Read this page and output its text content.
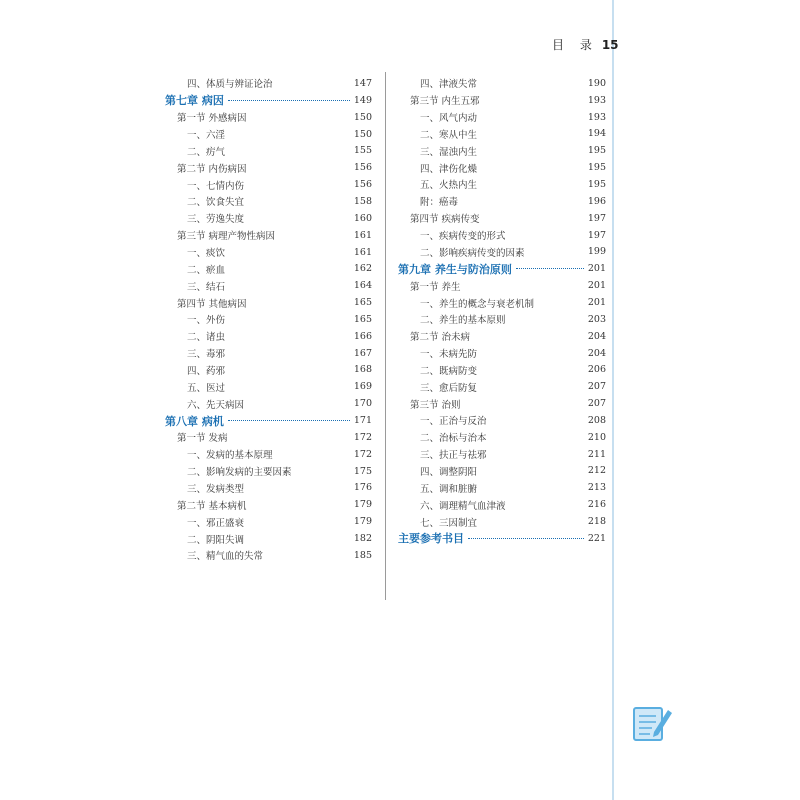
目 录 15
四、体质与辨证论治	147
第七章 病因	149
第一节 外感病因	150
一、六淫	150
二、疠气	155
第二节 内伤病因	156
一、七情内伤	156
二、饮食失宜	158
三、劳逸失度	160
第三节 病理产物性病因	161
一、痰饮	161
二、瘀血	162
三、结石	164
第四节 其他病因	165
一、外伤	165
二、诸虫	166
三、毒邪	167
四、药邪	168
五、医过	169
六、先天病因	170
第八章 病机	171
第一节 发病	172
一、发病的基本原理	172
二、影响发病的主要因素	175
三、发病类型	176
第二节 基本病机	179
一、邪正盛衰	179
二、阴阳失调	182
三、精气血的失常	185
四、津液失常	190
第三节 内生五邪	193
一、风气内动	193
二、寒从中生	194
三、湿浊内生	195
四、津伤化燥	195
五、火热内生	195
附：癌毒	196
第四节 疾病传变	197
一、疾病传变的形式	197
二、影响疾病传变的因素	199
第九章 养生与防治原则	201
第一节 养生	201
一、养生的概念与衰老机制	201
二、养生的基本原则	203
第二节 治未病	204
一、未病先防	204
二、既病防变	206
三、愈后防复	207
第三节 治则	207
一、正治与反治	208
二、治标与治本	210
三、扶正与祛邪	211
四、调整阴阳	212
五、调和脏腑	213
六、调理精气血津液	216
七、三因制宜	218
主要参考书目	221
